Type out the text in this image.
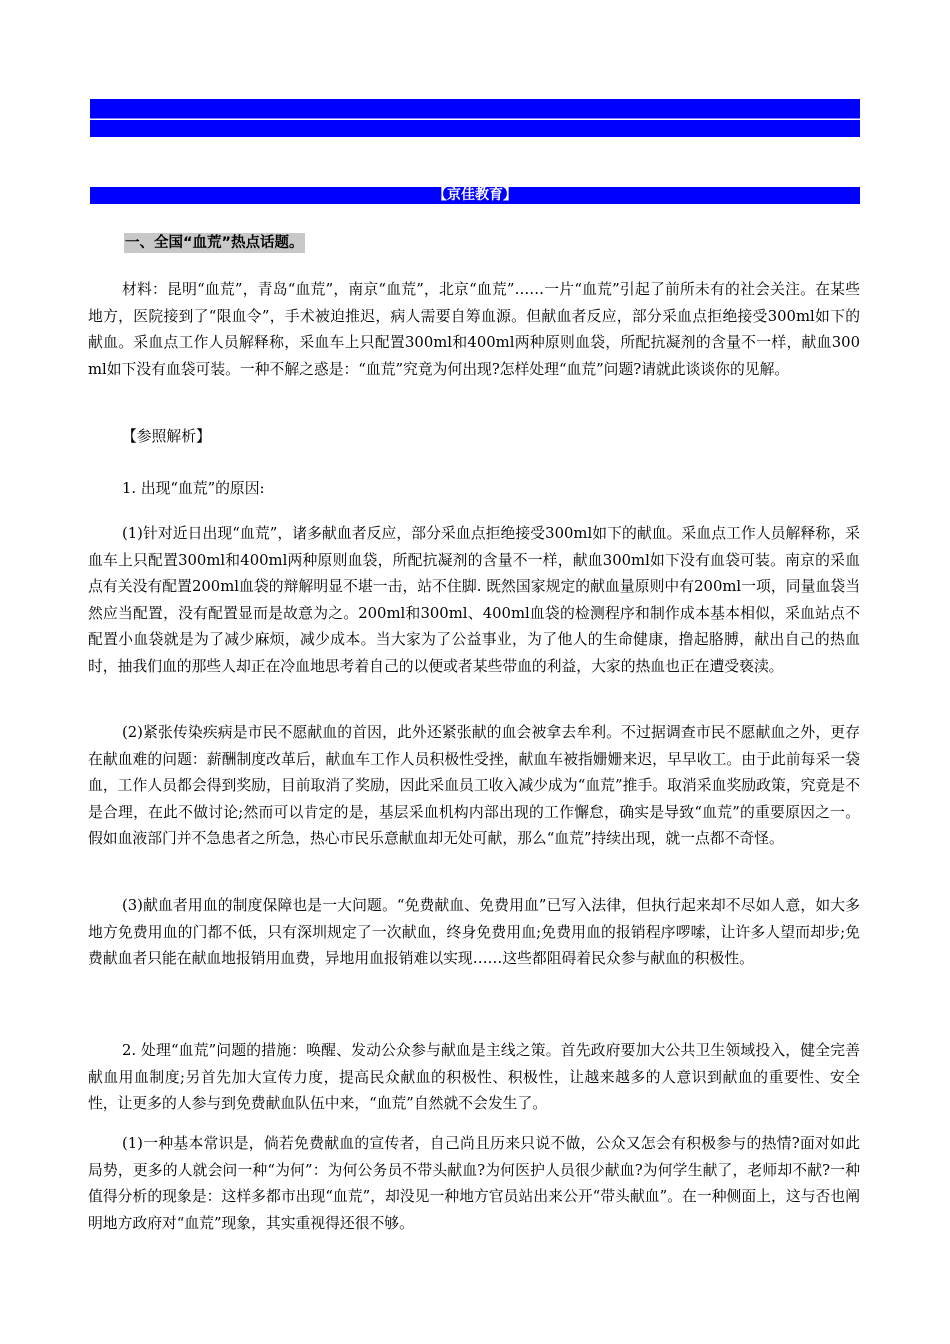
【京佳教育】
一、全国“血荒”热点话题。

材料：昆明“血荒”，青岛“血荒”，南京“血荒”，北京“血荒”……一片“血荒”引起了前所未有的社会关注。在某些地方，医院接到了“限血令”，手术被迫推迟，病人需要自筹血源。但献血者反应，部分采血点拒绝接受300ml如下的献血。采血点工作人员解释称，采血车上只配置300ml和400ml两种原则血袋，所配抗凝剂的含量不一样，献血300ml如下没有血袋可装。一种不解之惑是：“血荒”究竟为何出现?怎样处理“血荒”问题?请就此谈谈你的见解。

【参照解析】

1. 出现“血荒”的原因:

(1)针对近日出现“血荒”，诸多献血者反应，部分采血点拒绝接受300ml如下的献血。采血点工作人员解释称，采血车上只配置300ml和400ml两种原则血袋，所配抗凝剂的含量不一样，献血300ml如下没有血袋可装。南京的采血点有关没有配置200ml血袋的辩解明显不堪一击，站不住脚. 既然国家规定的献血量原则中有200ml一项，同量血袋当然应当配置，没有配置显而是故意为之。200ml和300ml、400ml血袋的检测程序和制作成本基本相似，采血站点不配置小血袋就是为了减少麻烦，减少成本。当大家为了公益事业，为了他人的生命健康，撸起胳膊，献出自己的热血时，抽我们血的那些人却正在冷血地思考着自己的以便或者某些带血的利益，大家的热血也正在遭受亵渎。

(2)紧张传染疾病是市民不愿献血的首因，此外还紧张献的血会被拿去牟利。不过据调查市民不愿献血之外，更存在献血难的问题：薪酬制度改革后，献血车工作人员积极性受挫，献血车被指姗姗来迟，早早收工。由于此前每采一袋血，工作人员都会得到奖励，目前取消了奖励，因此采血员工收入减少成为“血荒”推手。取消采血奖励政策，究竟是不是合理，在此不做讨论;然而可以肯定的是，基层采血机构内部出现的工作懈怠，确实是导致“血荒”的重要原因之一。假如血液部门并不急患者之所急，热心市民乐意献血却无处可献，那么“血荒”持续出现，就一点都不奇怪。

(3)献血者用血的制度保障也是一大问题。“免费献血、免费用血”已写入法律，但执行起来却不尽如人意，如大多地方免费用血的门都不低，只有深圳规定了一次献血，终身免费用血;免费用血的报销程序啰嗦，让许多人望而却步;免费献血者只能在献血地报销用血费，异地用血报销难以实现……这些都阻碍着民众参与献血的积极性。

2. 处理“血荒”问题的措施：唤醒、发动公众参与献血是主线之策。首先政府要加大公共卫生领域投入，健全完善献血用血制度;另首先加大宣传力度，提高民众献血的积极性、积极性，让越来越多的人意识到献血的重要性、安全性，让更多的人参与到免费献血队伍中来，“血荒”自然就不会发生了。

(1)一种基本常识是，倘若免费献血的宣传者，自己尚且历来只说不做，公众又怎会有积极参与的热情?面对如此局势，更多的人就会问一种“为何”：为何公务员不带头献血?为何医护人员很少献血?为何学生献了，老师却不献?一种值得分析的现象是：这样多都市出现“血荒”，却没见一种地方官员站出来公开“带头献血”。在一种侧面上，这与否也阐明地方政府对“血荒”现象，其实重视得还很不够。
